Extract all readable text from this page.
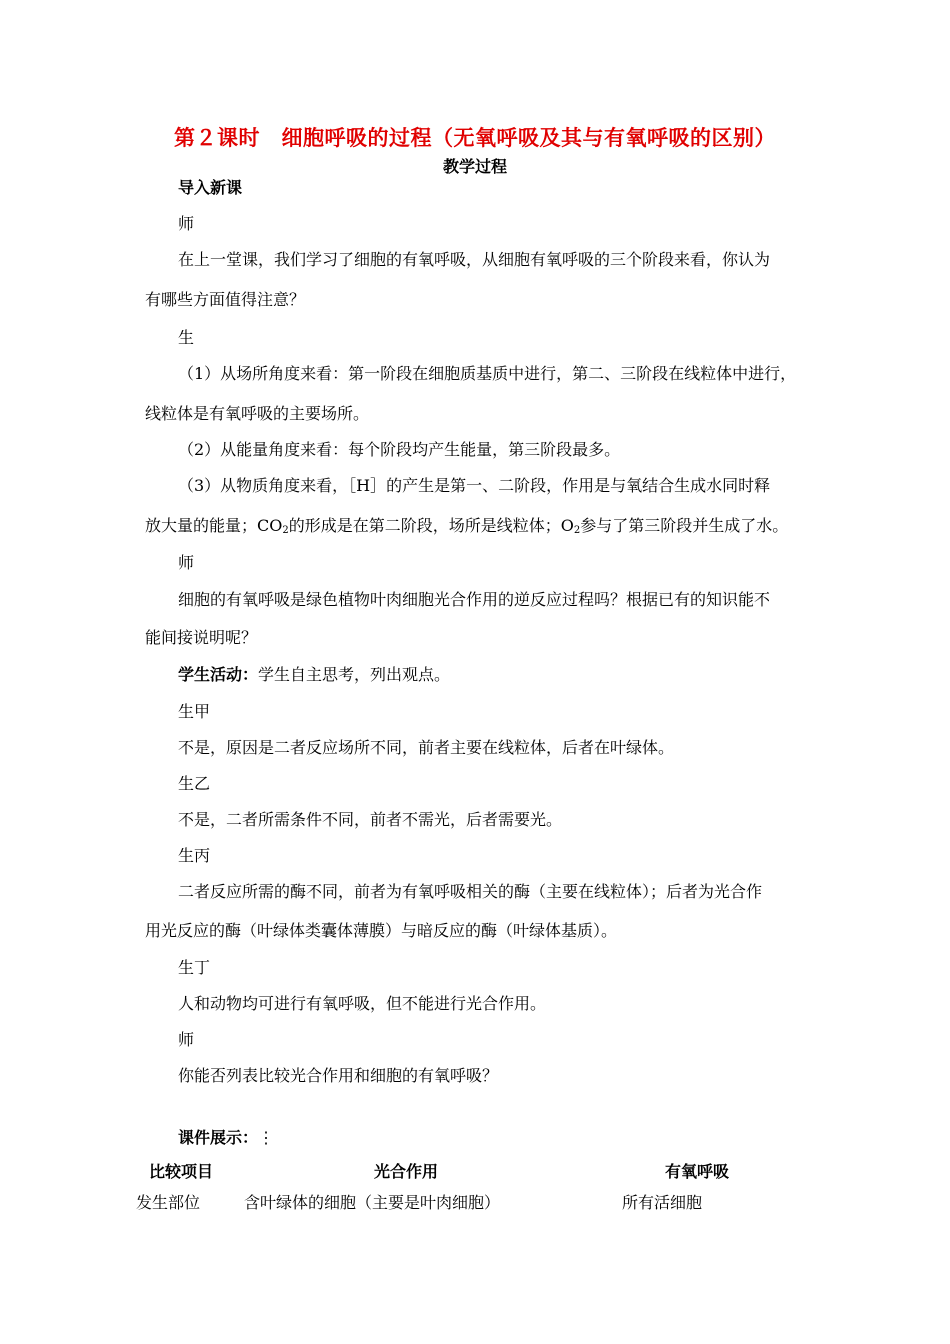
第２课时　细胞呼吸的过程（无氧呼吸及其与有氧呼吸的区别）
教学过程
导入新课
师
在上一堂课，我们学习了细胞的有氧呼吸，从细胞有氧呼吸的三个阶段来看，你认为
有哪些方面值得注意？
生
（1）从场所角度来看：第一阶段在细胞质基质中进行，第二、三阶段在线粒体中进行，
线粒体是有氧呼吸的主要场所。
（2）从能量角度来看：每个阶段均产生能量，第三阶段最多。
（3）从物质角度来看，［H］的产生是第一、二阶段，作用是与氧结合生成水同时释
放大量的能量；$CO_2$的形成是在第二阶段，场所是线粒体；$O_2$参与了第三阶段并生成了水。
师
细胞的有氧呼吸是绿色植物叶肉细胞光合作用的逆反应过程吗？根据已有的知识能不
能间接说明呢？
学生活动：学生自主思考，列出观点。
生甲
不是，原因是二者反应场所不同，前者主要在线粒体，后者在叶绿体。
生乙
不是，二者所需条件不同，前者不需光，后者需要光。
生丙
二者反应所需的酶不同，前者为有氧呼吸相关的酶（主要在线粒体）；后者为光合作
用光反应的酶（叶绿体类囊体薄膜）与暗反应的酶（叶绿体基质）。
生丁
人和动物均可进行有氧呼吸，但不能进行光合作用。
师
你能否列表比较光合作用和细胞的有氧呼吸？
课件展示：⋮
比较项目	光合作用	有氧呼吸
发生部位	含叶绿体的细胞（主要是叶肉细胞）	所有活细胞
